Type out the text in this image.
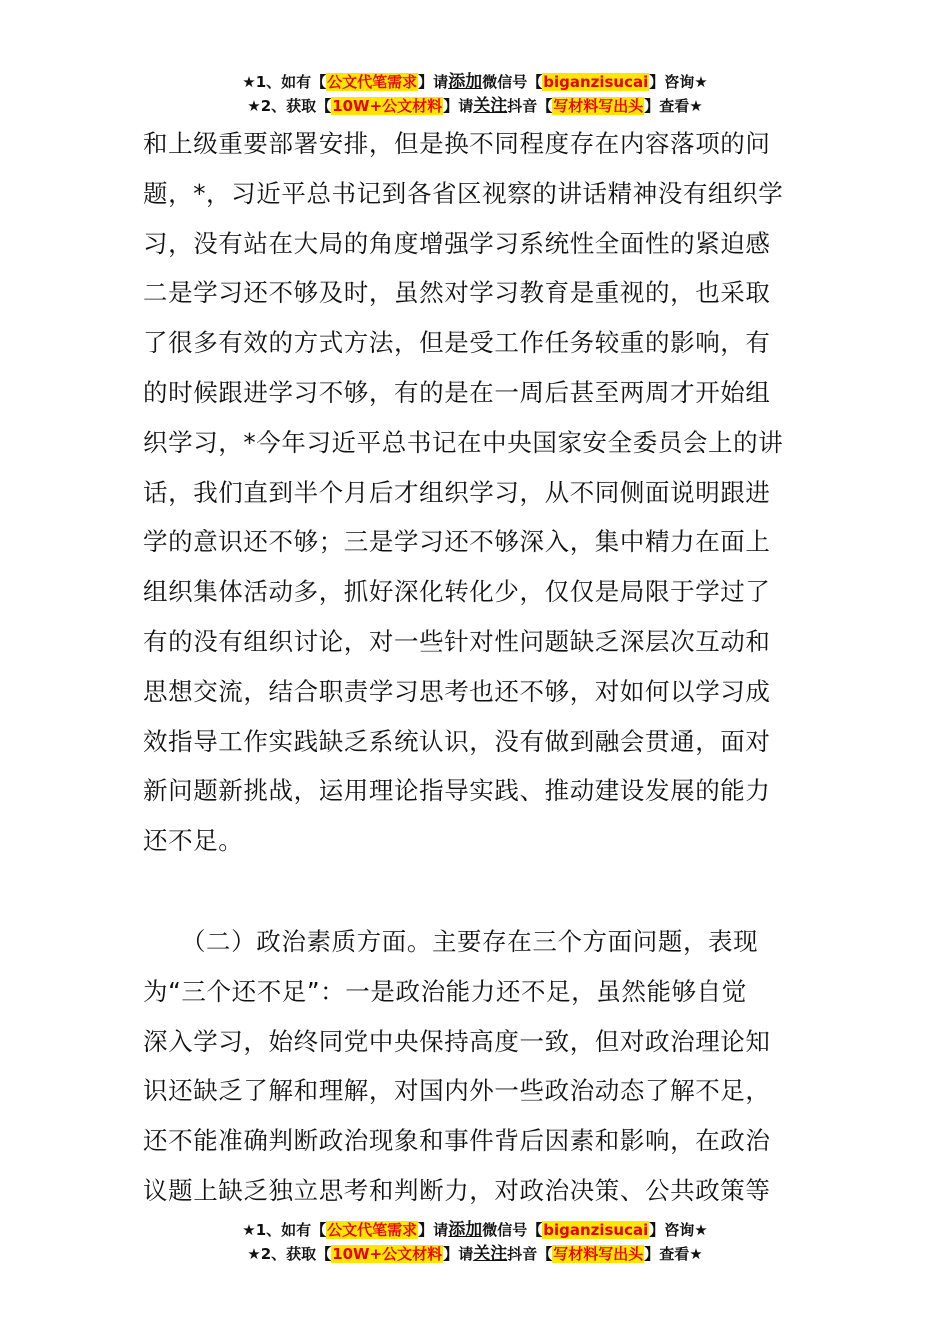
★1、如有【公文代笔需求】请添加微信号【biganzisucai】咨询★
★2、获取【10W+公文材料】请关注抖音【写材料写出头】查看★
和上级重要部署安排，但是换不同程度存在内容落项的问
题，*，习近平总书记到各省区视察的讲话精神没有组织学
习，没有站在大局的角度增强学习系统性全面性的紧迫感
二是学习还不够及时，虽然对学习教育是重视的，也采取
了很多有效的方式方法，但是受工作任务较重的影响，有
的时候跟进学习不够，有的是在一周后甚至两周才开始组
织学习，*今年习近平总书记在中央国家安全委员会上的讲
话，我们直到半个月后才组织学习，从不同侧面说明跟进
学的意识还不够；三是学习还不够深入，集中精力在面上
组织集体活动多，抓好深化转化少，仅仅是局限于学过了
有的没有组织讨论，对一些针对性问题缺乏深层次互动和
思想交流，结合职责学习思考也还不够，对如何以学习成
效指导工作实践缺乏系统认识，没有做到融会贯通，面对
新问题新挑战，运用理论指导实践、推动建设发展的能力
还不足。
　　（二）政治素质方面。主要存在三个方面问题，表现
为“三个还不足”：一是政治能力还不足，虽然能够自觉
深入学习，始终同党中央保持高度一致，但对政治理论知
识还缺乏了解和理解，对国内外一些政治动态了解不足，
还不能准确判断政治现象和事件背后因素和影响，在政治
议题上缺乏独立思考和判断力，对政治决策、公共政策等
★1、如有【公文代笔需求】请添加微信号【biganzisucai】咨询★
★2、获取【10W+公文材料】请关注抖音【写材料写出头】查看★
